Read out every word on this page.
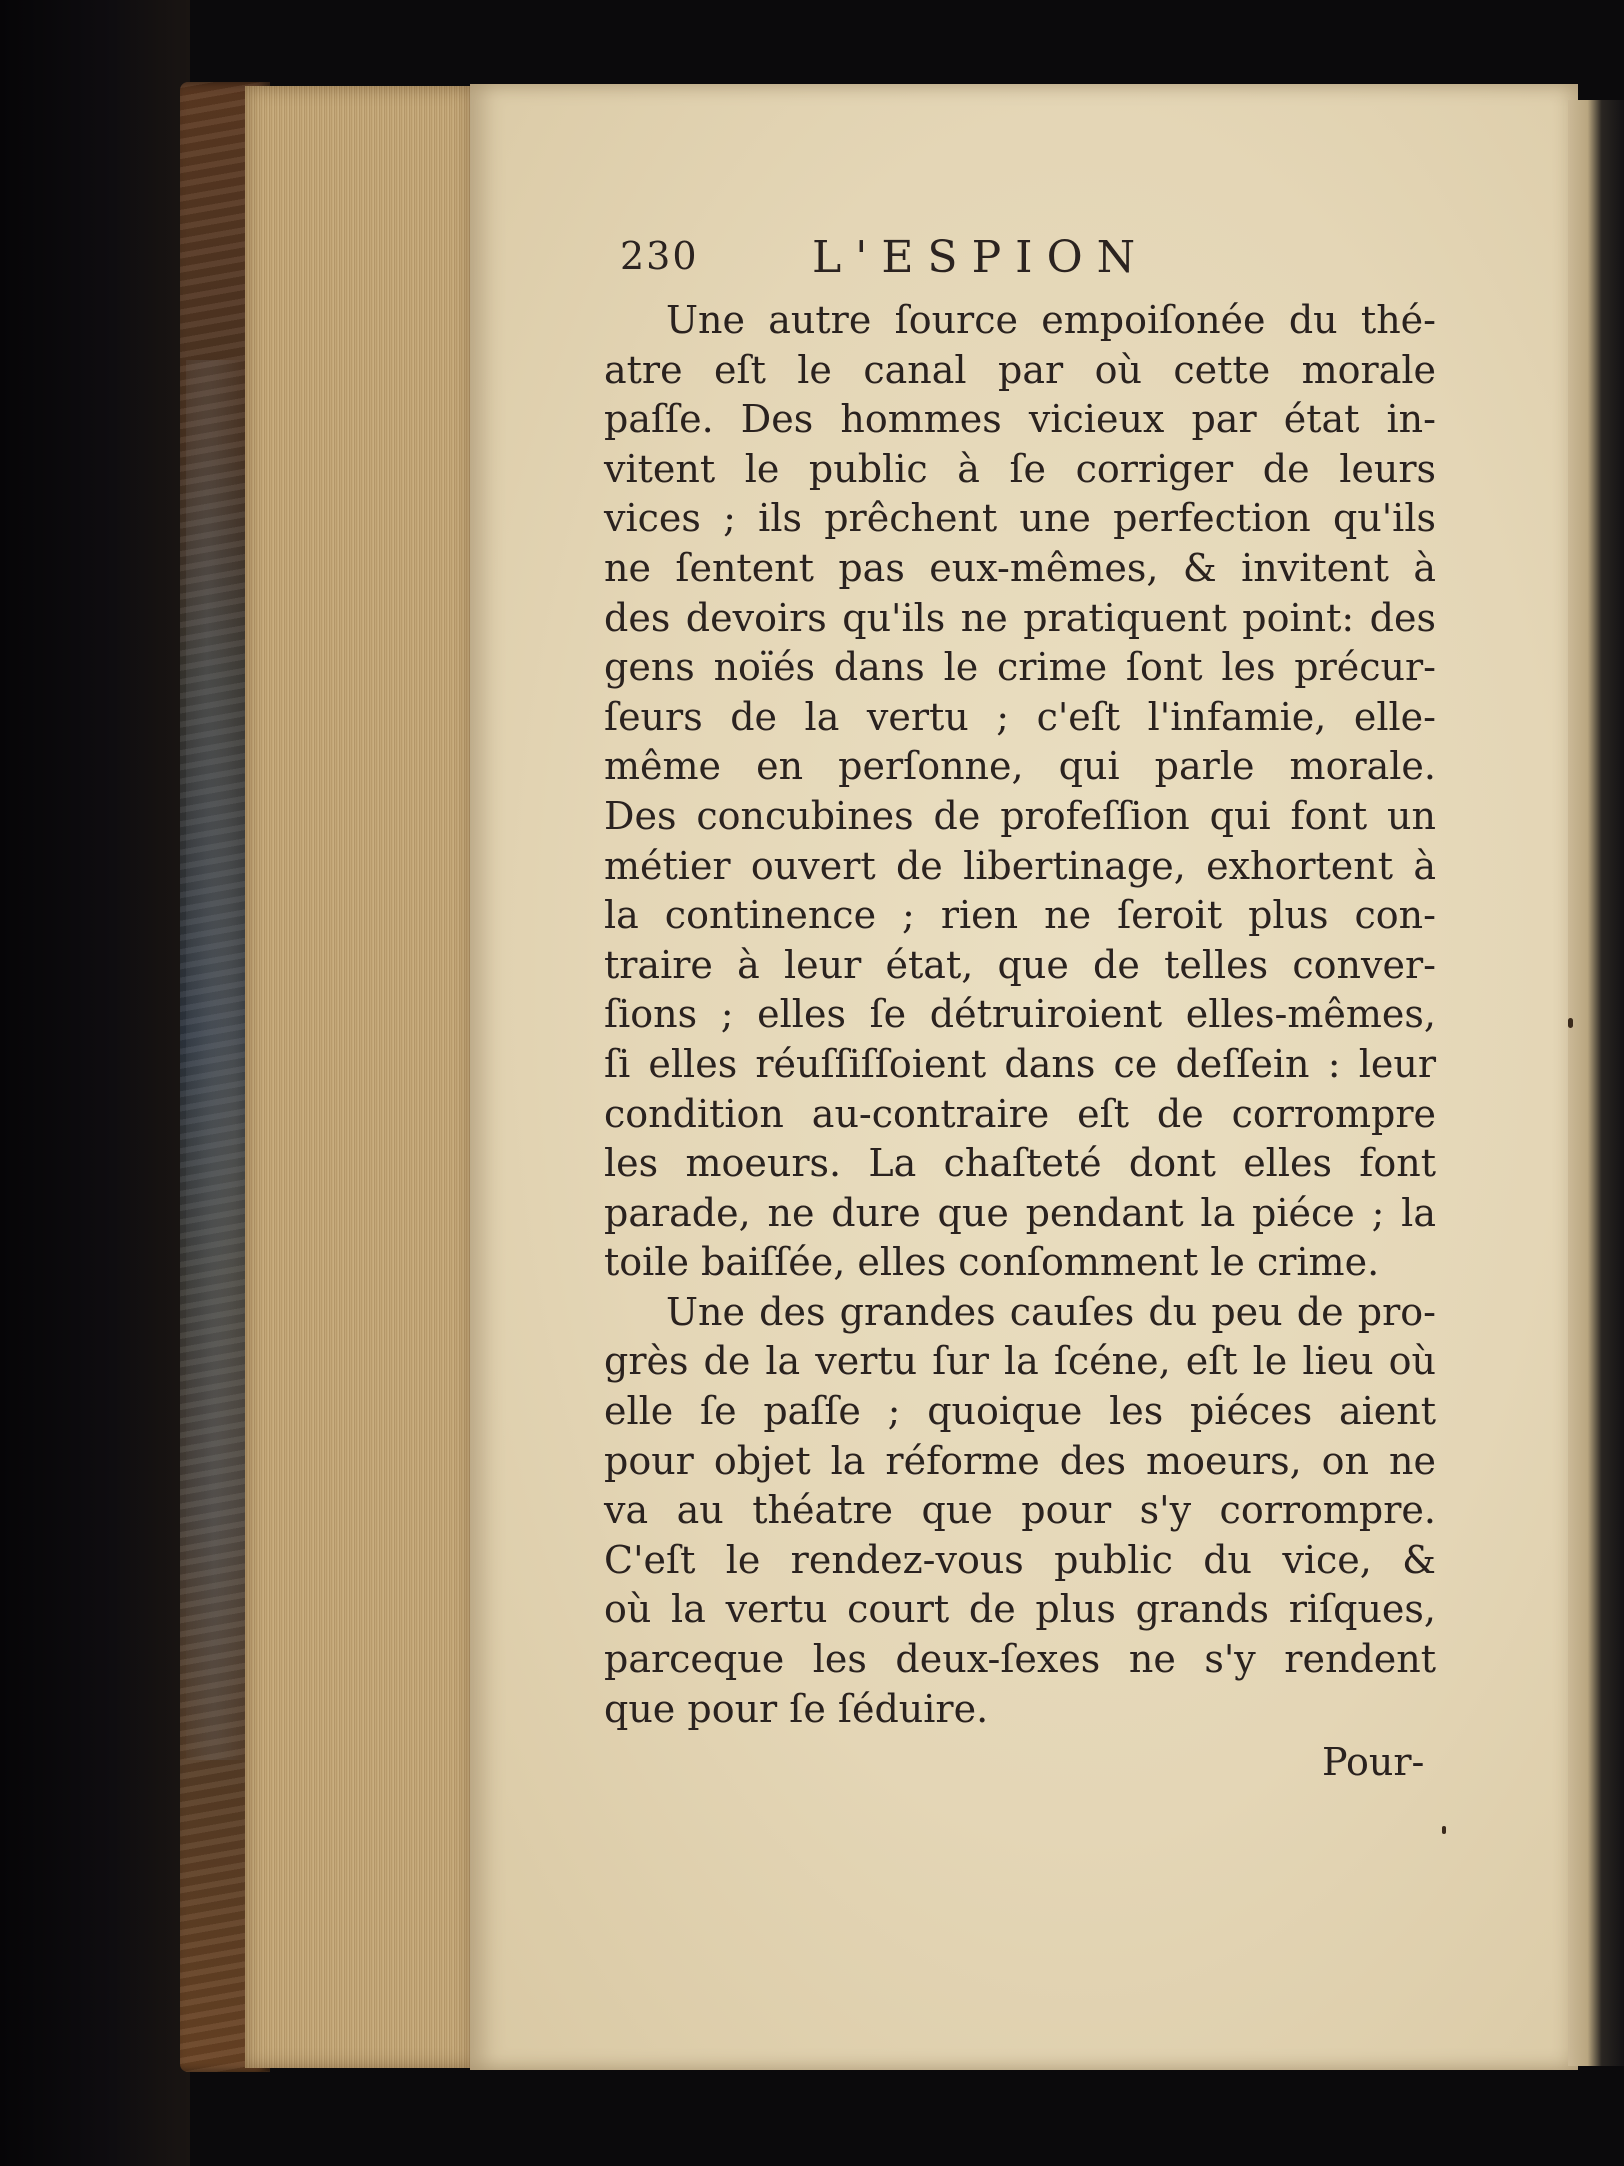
230	L'ESPION
Une autre ſource empoiſonée du thé-
atre eſt le canal par où cette morale
paſſe. Des hommes vicieux par état in-
vitent le public à ſe corriger de leurs
vices ; ils prêchent une perfection qu'ils
ne ſentent pas eux-mêmes, & invitent à
des devoirs qu'ils ne pratiquent point: des
gens noïés dans le crime ſont les précur-
ſeurs de la vertu ; c'eſt l'infamie, elle-
même en perſonne, qui parle morale.
Des concubines de profeſſion qui font un
métier ouvert de libertinage, exhortent à
la continence ; rien ne ſeroit plus con-
traire à leur état, que de telles conver-
ſions ; elles ſe détruiroient elles-mêmes,
ſi elles réuſſiſſoient dans ce deſſein : leur
condition au-contraire eſt de corrompre
les moeurs. La chaſteté dont elles font
parade, ne dure que pendant la piéce ; la
toile baiſſée, elles conſomment le crime.
Une des grandes cauſes du peu de pro-
grès de la vertu ſur la ſcéne, eſt le lieu où
elle ſe paſſe ; quoique les piéces aient
pour objet la réforme des moeurs, on ne
va au théatre que pour s'y corrompre.
C'eſt le rendez-vous public du vice, &
où la vertu court de plus grands riſques,
parceque les deux-ſexes ne s'y rendent
que pour ſe ſéduire.
Pour-
